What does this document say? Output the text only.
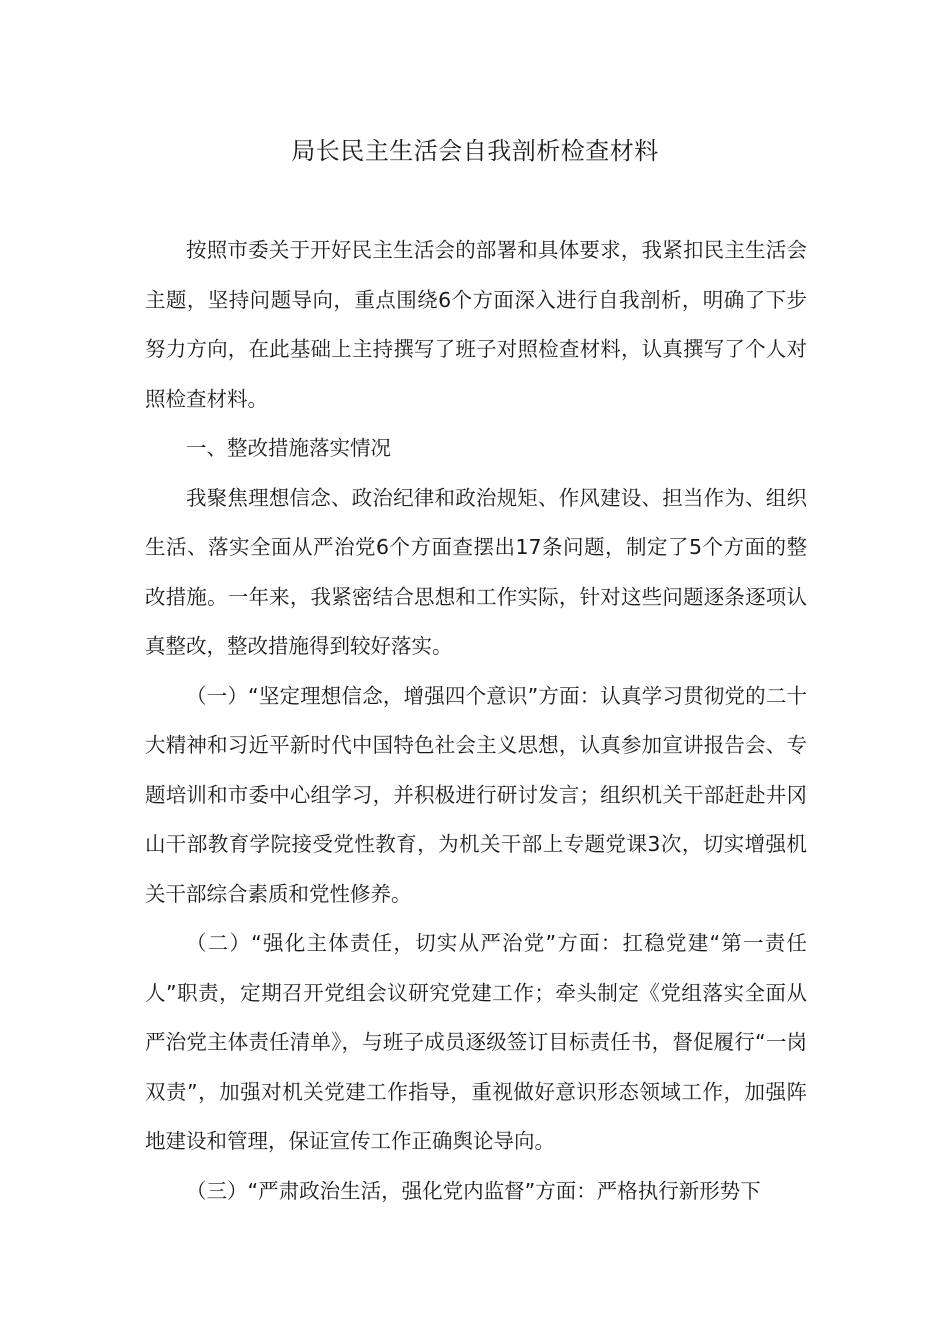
局长民主生活会自我剖析检查材料

按照市委关于开好民主生活会的部署和具体要求，我紧扣民主生活会主题，坚持问题导向，重点围绕6个方面深入进行自我剖析，明确了下步努力方向，在此基础上主持撰写了班子对照检查材料，认真撰写了个人对照检查材料。

一、整改措施落实情况

我聚焦理想信念、政治纪律和政治规矩、作风建设、担当作为、组织生活、落实全面从严治党6个方面查摆出17条问题，制定了5个方面的整改措施。一年来，我紧密结合思想和工作实际，针对这些问题逐条逐项认真整改，整改措施得到较好落实。

（一）“坚定理想信念，增强四个意识”方面：认真学习贯彻党的二十大精神和习近平新时代中国特色社会主义思想，认真参加宣讲报告会、专题培训和市委中心组学习，并积极进行研讨发言；组织机关干部赶赴井冈山干部教育学院接受党性教育，为机关干部上专题党课3次，切实增强机关干部综合素质和党性修养。

（二）“强化主体责任，切实从严治党”方面：扛稳党建“第一责任人”职责，定期召开党组会议研究党建工作；牵头制定《党组落实全面从严治党主体责任清单》，与班子成员逐级签订目标责任书，督促履行“一岗双责”，加强对机关党建工作指导，重视做好意识形态领域工作，加强阵地建设和管理，保证宣传工作正确舆论导向。

（三）“严肃政治生活，强化党内监督”方面：严格执行新形势下
